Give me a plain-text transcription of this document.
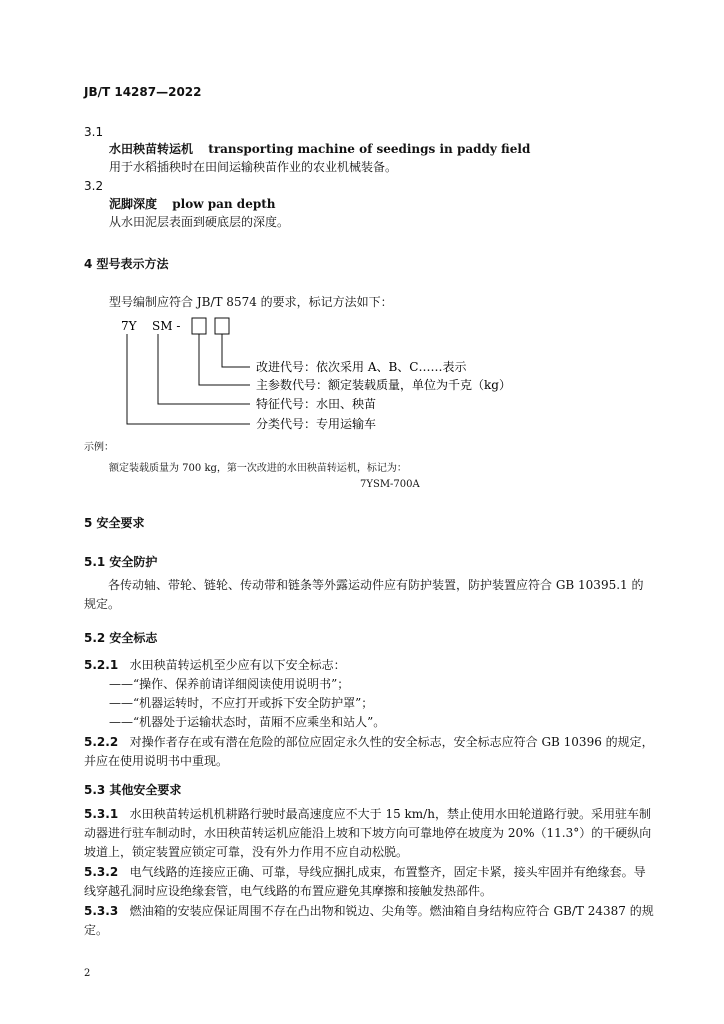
JB/T 14287—2022
3.1
水田秧苗转运机 transporting machine of seedings in paddy field
用于水稻插秧时在田间运输秧苗作业的农业机械装备。
3.2
泥脚深度 plow pan depth
从水田泥层表面到硬底层的深度。
4 型号表示方法
型号编制应符合 JB/T 8574 的要求，标记方法如下：
7Y SM -
改进代号：依次采用 A、B、C……表示
主参数代号：额定装载质量，单位为千克（kg）
特征代号：水田、秧苗
分类代号：专用运输车
示例：
额定装载质量为 700 kg，第一次改进的水田秧苗转运机，标记为：
7YSM-700A
5 安全要求
5.1 安全防护
各传动轴、带轮、链轮、传动带和链条等外露运动件应有防护装置，防护装置应符合 GB 10395.1 的规定。
5.2 安全标志
5.2.1 水田秧苗转运机至少应有以下安全标志：
——“操作、保养前请详细阅读使用说明书”；
——“机器运转时，不应打开或拆下安全防护罩”；
——“机器处于运输状态时，苗厢不应乘坐和站人”。
5.2.2 对操作者存在或有潜在危险的部位应固定永久性的安全标志，安全标志应符合 GB 10396 的规定，并应在使用说明书中重现。
5.3 其他安全要求
5.3.1 水田秧苗转运机机耕路行驶时最高速度应不大于 15 km/h，禁止使用水田轮道路行驶。采用驻车制动器进行驻车制动时，水田秧苗转运机应能沿上坡和下坡方向可靠地停在坡度为 20%（11.3°）的干硬纵向坡道上，锁定装置应锁定可靠，没有外力作用不应自动松脱。
5.3.2 电气线路的连接应正确、可靠，导线应捆扎成束，布置整齐，固定卡紧，接头牢固并有绝缘套。导线穿越孔洞时应设绝缘套管，电气线路的布置应避免其摩擦和接触发热部件。
5.3.3 燃油箱的安装应保证周围不存在凸出物和锐边、尖角等。燃油箱自身结构应符合 GB/T 24387 的规定。
2
